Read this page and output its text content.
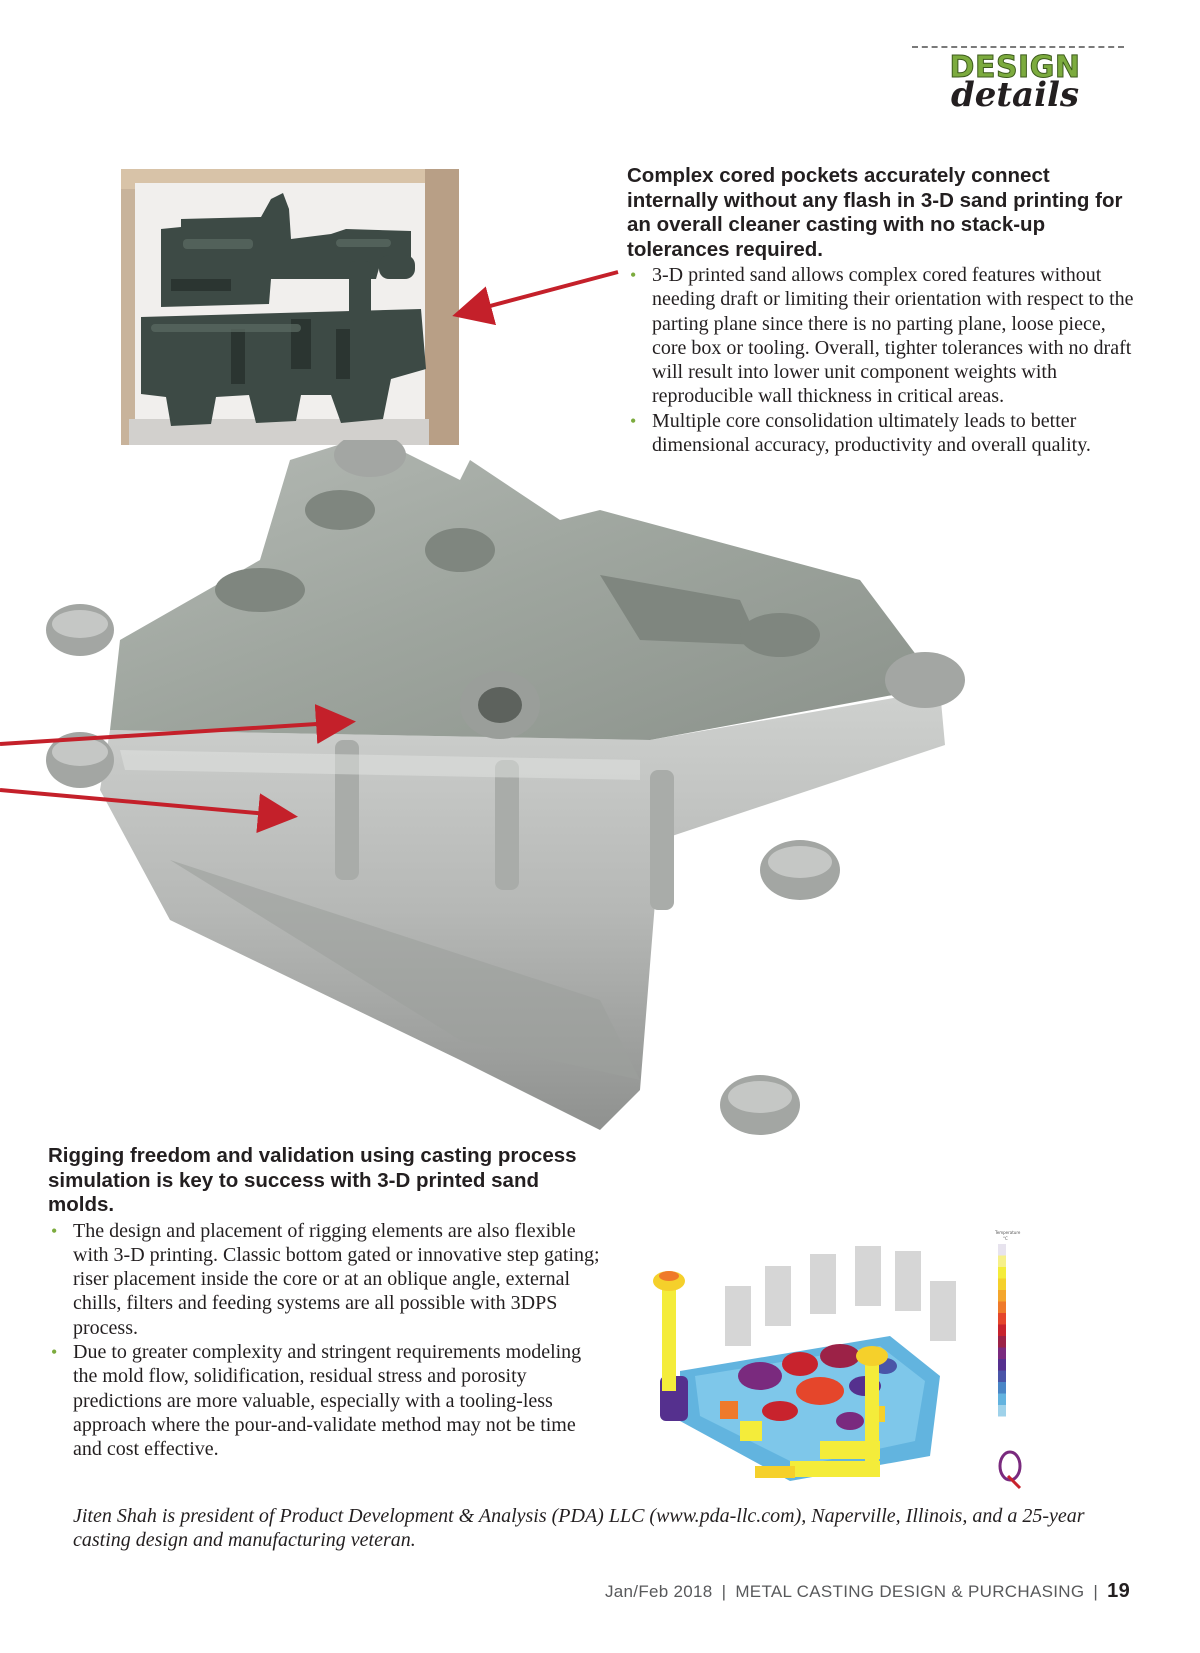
DESIGN
details
Complex cored pockets accurately connect internally without any flash in 3-D sand printing for an overall cleaner casting with no stack-up tolerances required.
• 3-D printed sand allows complex cored features without needing draft or limiting their orientation with respect to the parting plane since there is no parting plane, loose piece, core box or tooling. Overall, tighter tolerances with no draft will result into lower unit component weights with reproducible wall thickness in critical areas.
• Multiple core consolidation ultimately leads to better dimensional accuracy, productivity and overall quality.
Rigging freedom and validation using casting process simulation is key to success with 3-D printed sand molds.
• The design and placement of rigging elements are also flexible with 3-D printing. Classic bottom gated or innovative step gating; riser placement inside the core or at an oblique angle, external chills, filters and feeding systems are all possible with 3DPS process.
• Due to greater complexity and stringent requirements modeling the mold flow, solidification, residual stress and porosity predictions are more valuable, especially with a tooling-less approach where the pour-and-validate method may not be time and cost effective.
Temperature
°C

Jiten Shah is president of Product Development & Analysis (PDA) LLC (www.pda-llc.com), Naperville, Illinois, and a 25-year casting design and manufacturing veteran.

Jan/Feb 2018 | METAL CASTING DESIGN & PURCHASING | 19
